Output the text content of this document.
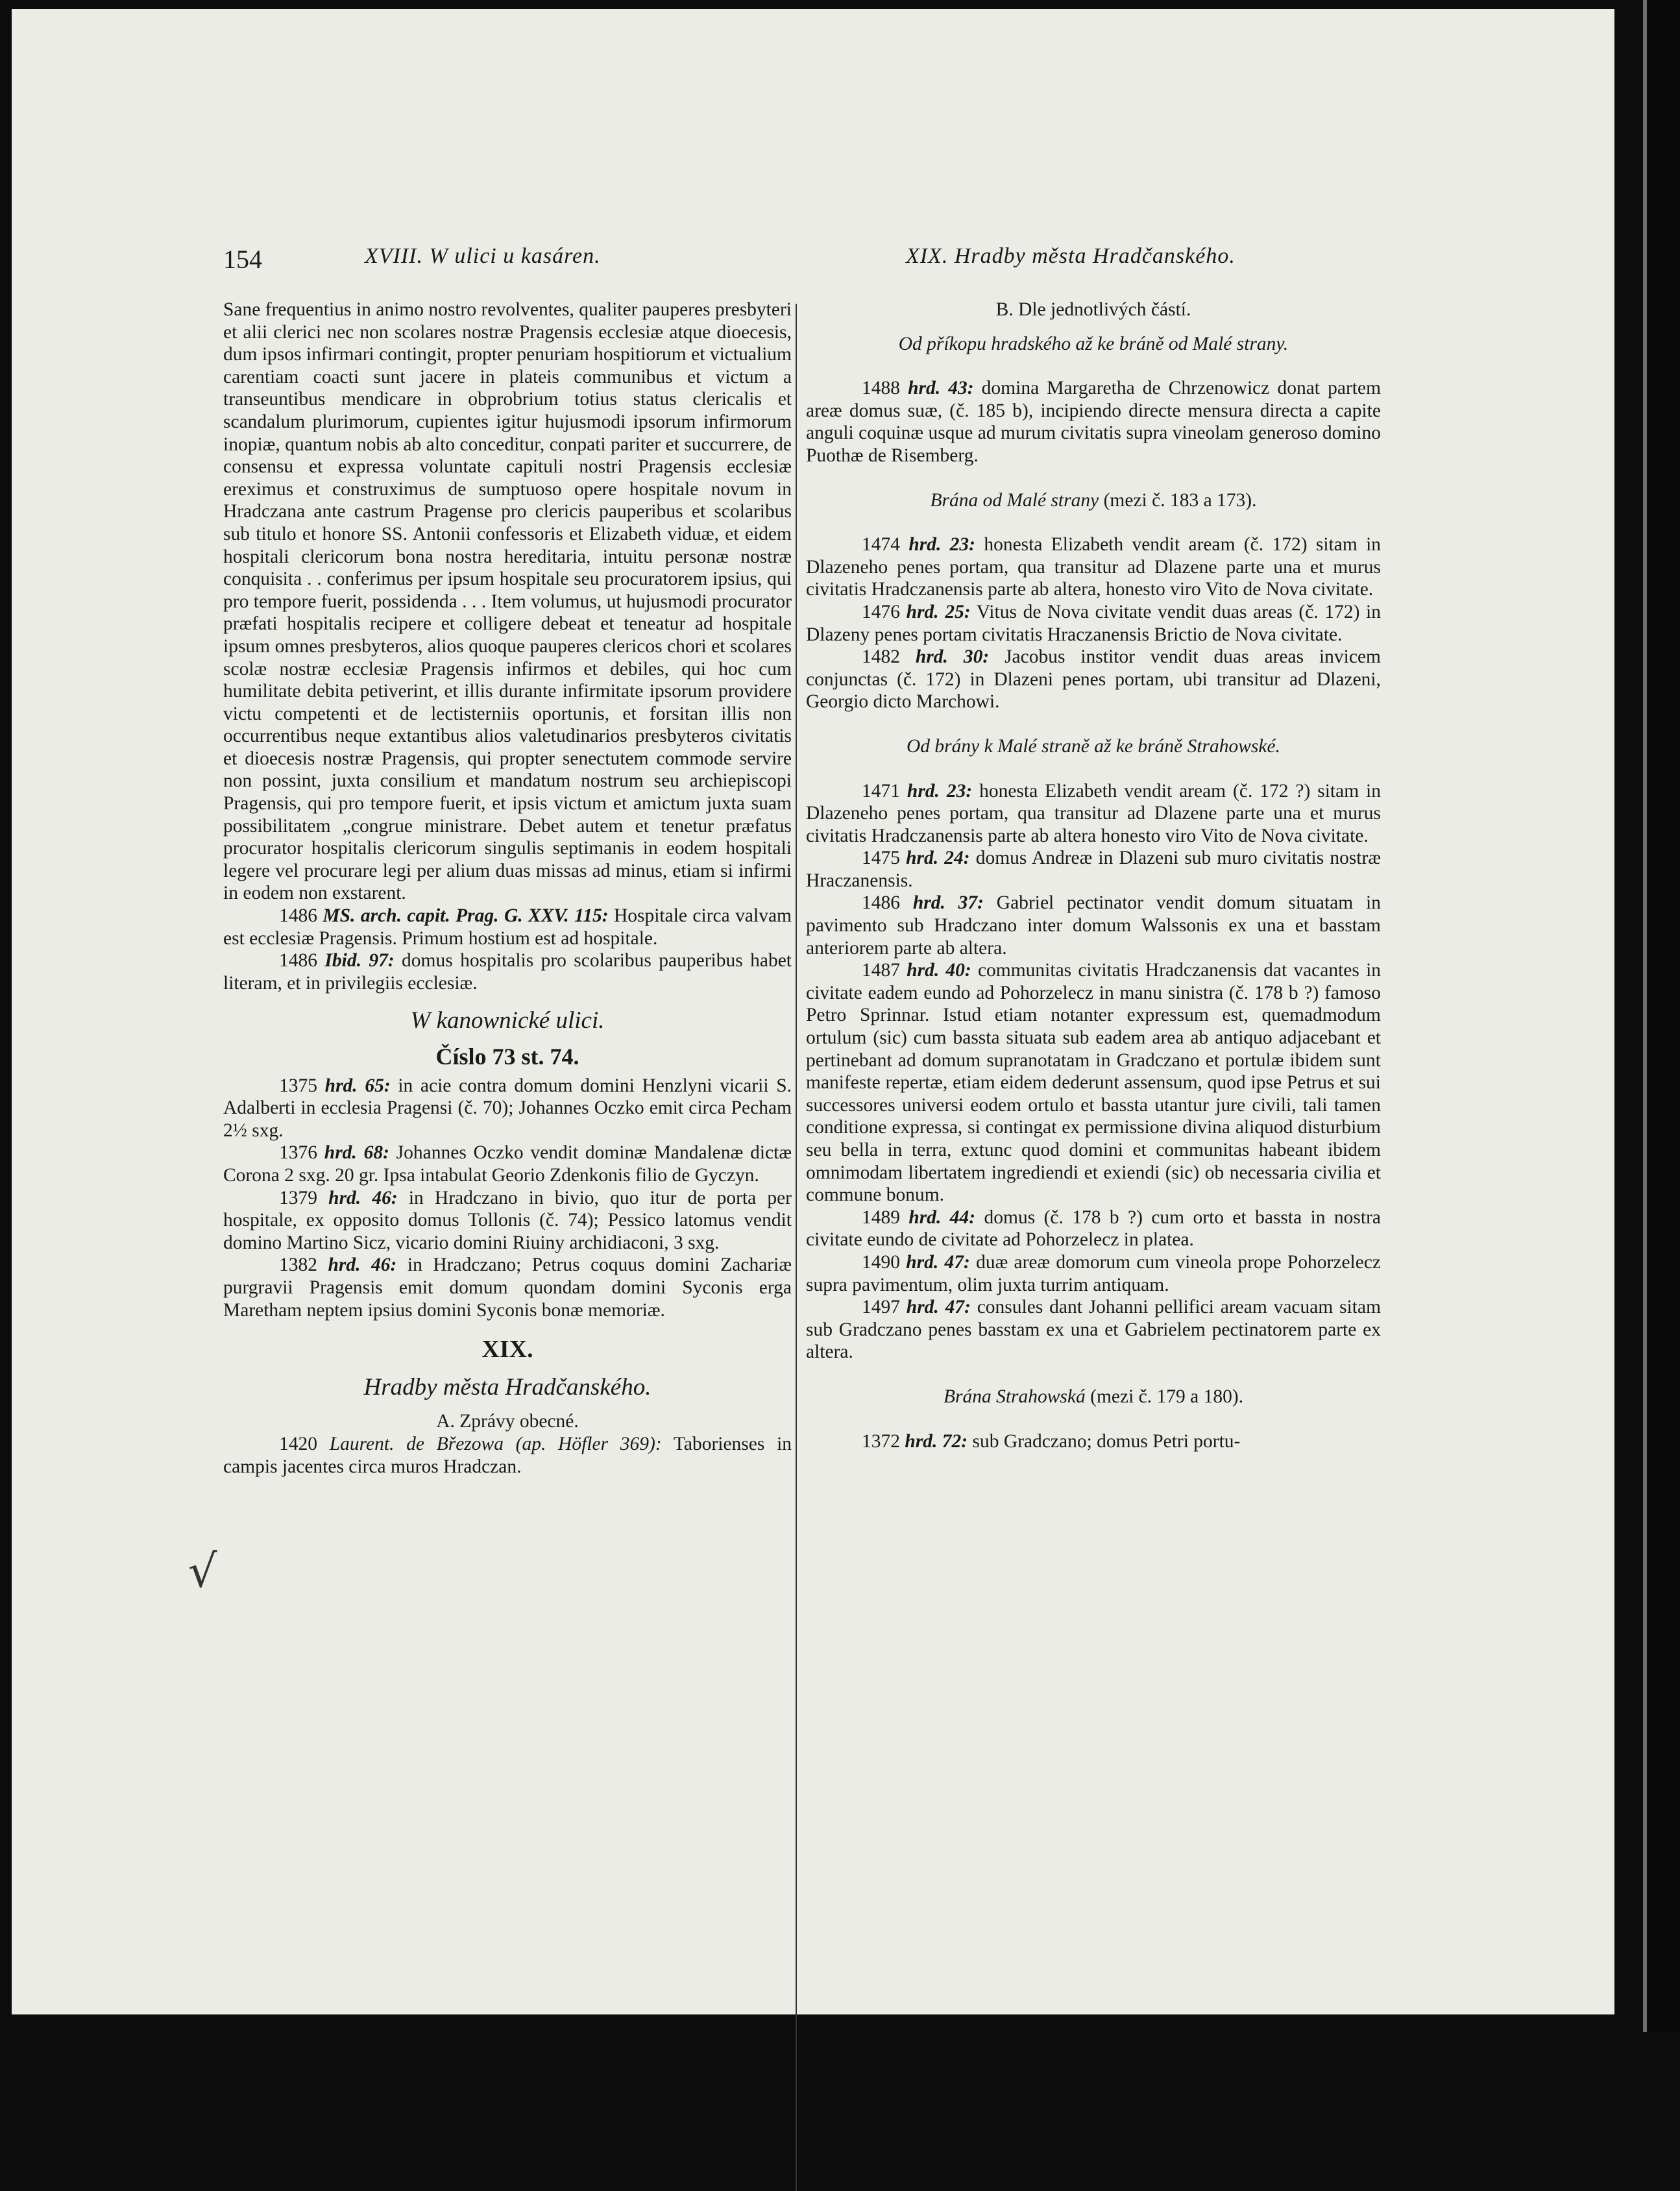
154	XVIII. W ulici u kasáren.	XIX. Hradby města Hradčanského.

Sane frequentius in animo nostro revolventes, qualiter pauperes presbyteri et alii clerici nec non scolares nostræ Pragensis ecclesiæ atque dioecesis, dum ipsos infirmari contingit, propter penuriam hospitiorum et victualium carentiam coacti sunt jacere in plateis communibus et victum a transeuntibus mendicare in obprobrium totius status clericalis et scandalum plurimorum, cupientes igitur hujusmodi ipsorum infirmorum inopiæ, quantum nobis ab alto conceditur, conpati pariter et succurrere, de consensu et expressa voluntate capituli nostri Pragensis ecclesiæ ereximus et construximus de sumptuoso opere hospitale novum in Hradczana ante castrum Pragense pro clericis pauperibus et scolaribus sub titulo et honore SS. Antonii confessoris et Elizabeth viduæ, et eidem hospitali clericorum bona nostra hereditaria, intuitu personæ nostræ conquisita . . conferimus per ipsum hospitale seu procuratorem ipsius, qui pro tempore fuerit, possidenda . . . Item volumus, ut hujusmodi procurator præfati hospitalis recipere et colligere debeat et teneatur ad hospitale ipsum omnes presbyteros, alios quoque pauperes clericos chori et scolares scolæ nostræ ecclesiæ Pragensis infirmos et debiles, qui hoc cum humilitate debita petiverint, et illis durante infirmitate ipsorum providere victu competenti et de lectisterniis oportunis, et forsitan illis non occurrentibus neque extantibus alios valetudinarios presbyteros civitatis et dioecesis nostræ Pragensis, qui propter senectutem commode servire non possint, juxta consilium et mandatum nostrum seu archiepiscopi Pragensis, qui pro tempore fuerit, et ipsis victum et amictum juxta suam possibilitatem „congrue ministrare. Debet autem et tenetur præfatus procurator hospitalis clericorum singulis septimanis in eodem hospitali legere vel procurare legi per alium duas missas ad minus, etiam si infirmi in eodem non exstarent.

1486 MS. arch. capit. Prag. G. XXV. 115: Hospitale circa valvam est ecclesiæ Pragensis. Primum hostium est ad hospitale.

1486 Ibid. 97: domus hospitalis pro scolaribus pauperibus habet literam, et in privilegiis ecclesiæ.

W kanownické ulici.

Číslo 73 st. 74.

1375 hrd. 65: in acie contra domum domini Henzlyni vicarii S. Adalberti in ecclesia Pragensi (č. 70); Johannes Oczko emit circa Pecham 2½ sxg.

1376 hrd. 68: Johannes Oczko vendit dominæ Mandalenæ dictæ Corona 2 sxg. 20 gr. Ipsa intabulat Georio Zdenkonis filio de Gyczyn.

1379 hrd. 46: in Hradczano in bivio, quo itur de porta per hospitale, ex opposito domus Tollonis (č. 74); Pessico latomus vendit domino Martino Sicz, vicario domini Riuiny archidiaconi, 3 sxg.

1382 hrd. 46: in Hradczano; Petrus coquus domini Zachariæ purgravii Pragensis emit domum quondam domini Syconis erga Maretham neptem ipsius domini Syconis bonæ memoriæ.

XIX.

Hradby města Hradčanského.

A. Zprávy obecné.

1420 Laurent. de Březowa (ap. Höfler 369): Taborienses in campis jacentes circa muros Hradczan.

B. Dle jednotlivých částí.

Od příkopu hradského až ke bráně od Malé strany.

1488 hrd. 43: domina Margaretha de Chrzenowicz donat partem areæ domus suæ, (č. 185 b), incipiendo directe mensura directa a capite anguli coquinæ usque ad murum civitatis supra vineolam generoso domino Puothæ de Risemberg.

Brána od Malé strany (mezi č. 183 a 173).

1474 hrd. 23: honesta Elizabeth vendit aream (č. 172) sitam in Dlazeneho penes portam, qua transitur ad Dlazene parte una et murus civitatis Hradczanensis parte ab altera, honesto viro Vito de Nova civitate.

1476 hrd. 25: Vitus de Nova civitate vendit duas areas (č. 172) in Dlazeny penes portam civitatis Hraczanensis Brictio de Nova civitate.

1482 hrd. 30: Jacobus institor vendit duas areas invicem conjunctas (č. 172) in Dlazeni penes portam, ubi transitur ad Dlazeni, Georgio dicto Marchowi.

Od brány k Malé straně až ke bráně Strahowské.

1471 hrd. 23: honesta Elizabeth vendit aream (č. 172 ?) sitam in Dlazeneho penes portam, qua transitur ad Dlazene parte una et murus civitatis Hradczanensis parte ab altera honesto viro Vito de Nova civitate.

1475 hrd. 24: domus Andreæ in Dlazeni sub muro civitatis nostræ Hraczanensis.

1486 hrd. 37: Gabriel pectinator vendit domum situatam in pavimento sub Hradczano inter domum Walssonis ex una et basstam anteriorem parte ab altera.

1487 hrd. 40: communitas civitatis Hradczanensis dat vacantes in civitate eadem eundo ad Pohorzelecz in manu sinistra (č. 178 b ?) famoso Petro Sprinnar. Istud etiam notanter expressum est, quemadmodum ortulum (sic) cum bassta situata sub eadem area ab antiquo adjacebant et pertinebant ad domum supranotatam in Gradczano et portulæ ibidem sunt manifeste repertæ, etiam eidem dederunt assensum, quod ipse Petrus et sui successores universi eodem ortulo et bassta utantur jure civili, tali tamen conditione expressa, si contingat ex permissione divina aliquod disturbium seu bella in terra, extunc quod domini et communitas habeant ibidem omnimodam libertatem ingrediendi et exiendi (sic) ob necessaria civilia et commune bonum.

1489 hrd. 44: domus (č. 178 b ?) cum orto et bassta in nostra civitate eundo de civitate ad Pohorzelecz in platea.

1490 hrd. 47: duæ areæ domorum cum vineola prope Pohorzelecz supra pavimentum, olim juxta turrim antiquam.

1497 hrd. 47: consules dant Johanni pellifici aream vacuam sitam sub Gradczano penes basstam ex una et Gabrielem pectinatorem parte ex altera.

Brána Strahowská (mezi č. 179 a 180).

1372 hrd. 72: sub Gradczano; domus Petri portu-

√
